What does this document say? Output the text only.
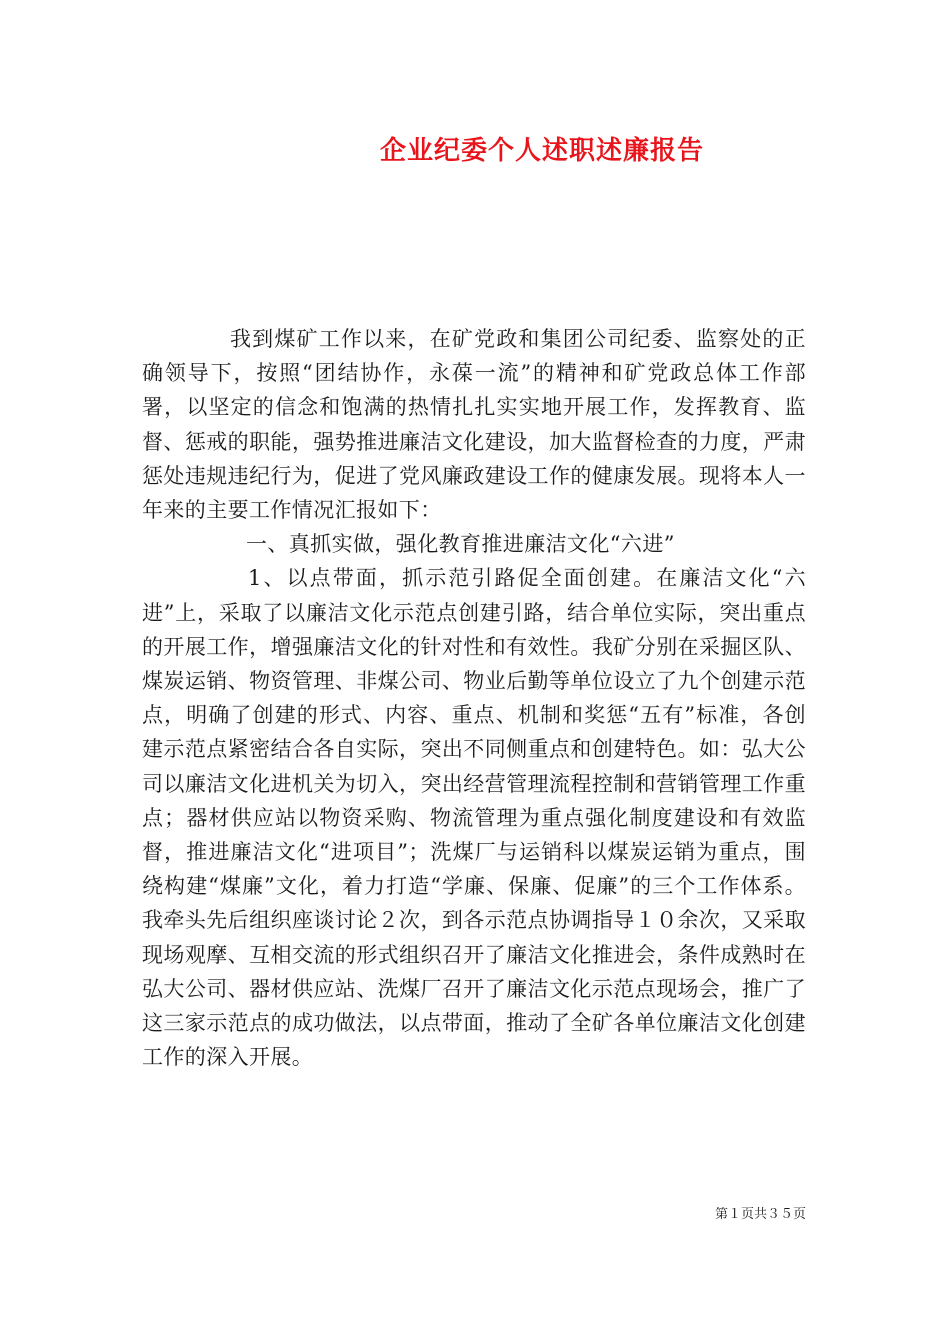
企业纪委个人述职述廉报告

我到煤矿工作以来，在矿党政和集团公司纪委、监察处的正确领导下，按照“团结协作，永葆一流”的精神和矿党政总体工作部署，以坚定的信念和饱满的热情扎扎实实地开展工作，发挥教育、监督、惩戒的职能，强势推进廉洁文化建设，加大监督检查的力度，严肃惩处违规违纪行为，促进了党风廉政建设工作的健康发展。现将本人一年来的主要工作情况汇报如下：

一、真抓实做，强化教育推进廉洁文化“六进”

1、以点带面，抓示范引路促全面创建。在廉洁文化“六进”上，采取了以廉洁文化示范点创建引路，结合单位实际，突出重点的开展工作，增强廉洁文化的针对性和有效性。我矿分别在采掘区队、煤炭运销、物资管理、非煤公司、物业后勤等单位设立了九个创建示范点，明确了创建的形式、内容、重点、机制和奖惩“五有”标准，各创建示范点紧密结合各自实际，突出不同侧重点和创建特色。如：弘大公司以廉洁文化进机关为切入，突出经营管理流程控制和营销管理工作重点；器材供应站以物资采购、物流管理为重点强化制度建设和有效监督，推进廉洁文化“进项目”；洗煤厂与运销科以煤炭运销为重点，围绕构建“煤廉”文化，着力打造“学廉、保廉、促廉”的三个工作体系。我牵头先后组织座谈讨论２次，到各示范点协调指导１０余次，又采取现场观摩、互相交流的形式组织召开了廉洁文化推进会，条件成熟时在弘大公司、器材供应站、洗煤厂召开了廉洁文化示范点现场会，推广了这三家示范点的成功做法，以点带面，推动了全矿各单位廉洁文化创建工作的深入开展。

第１页共３５页
